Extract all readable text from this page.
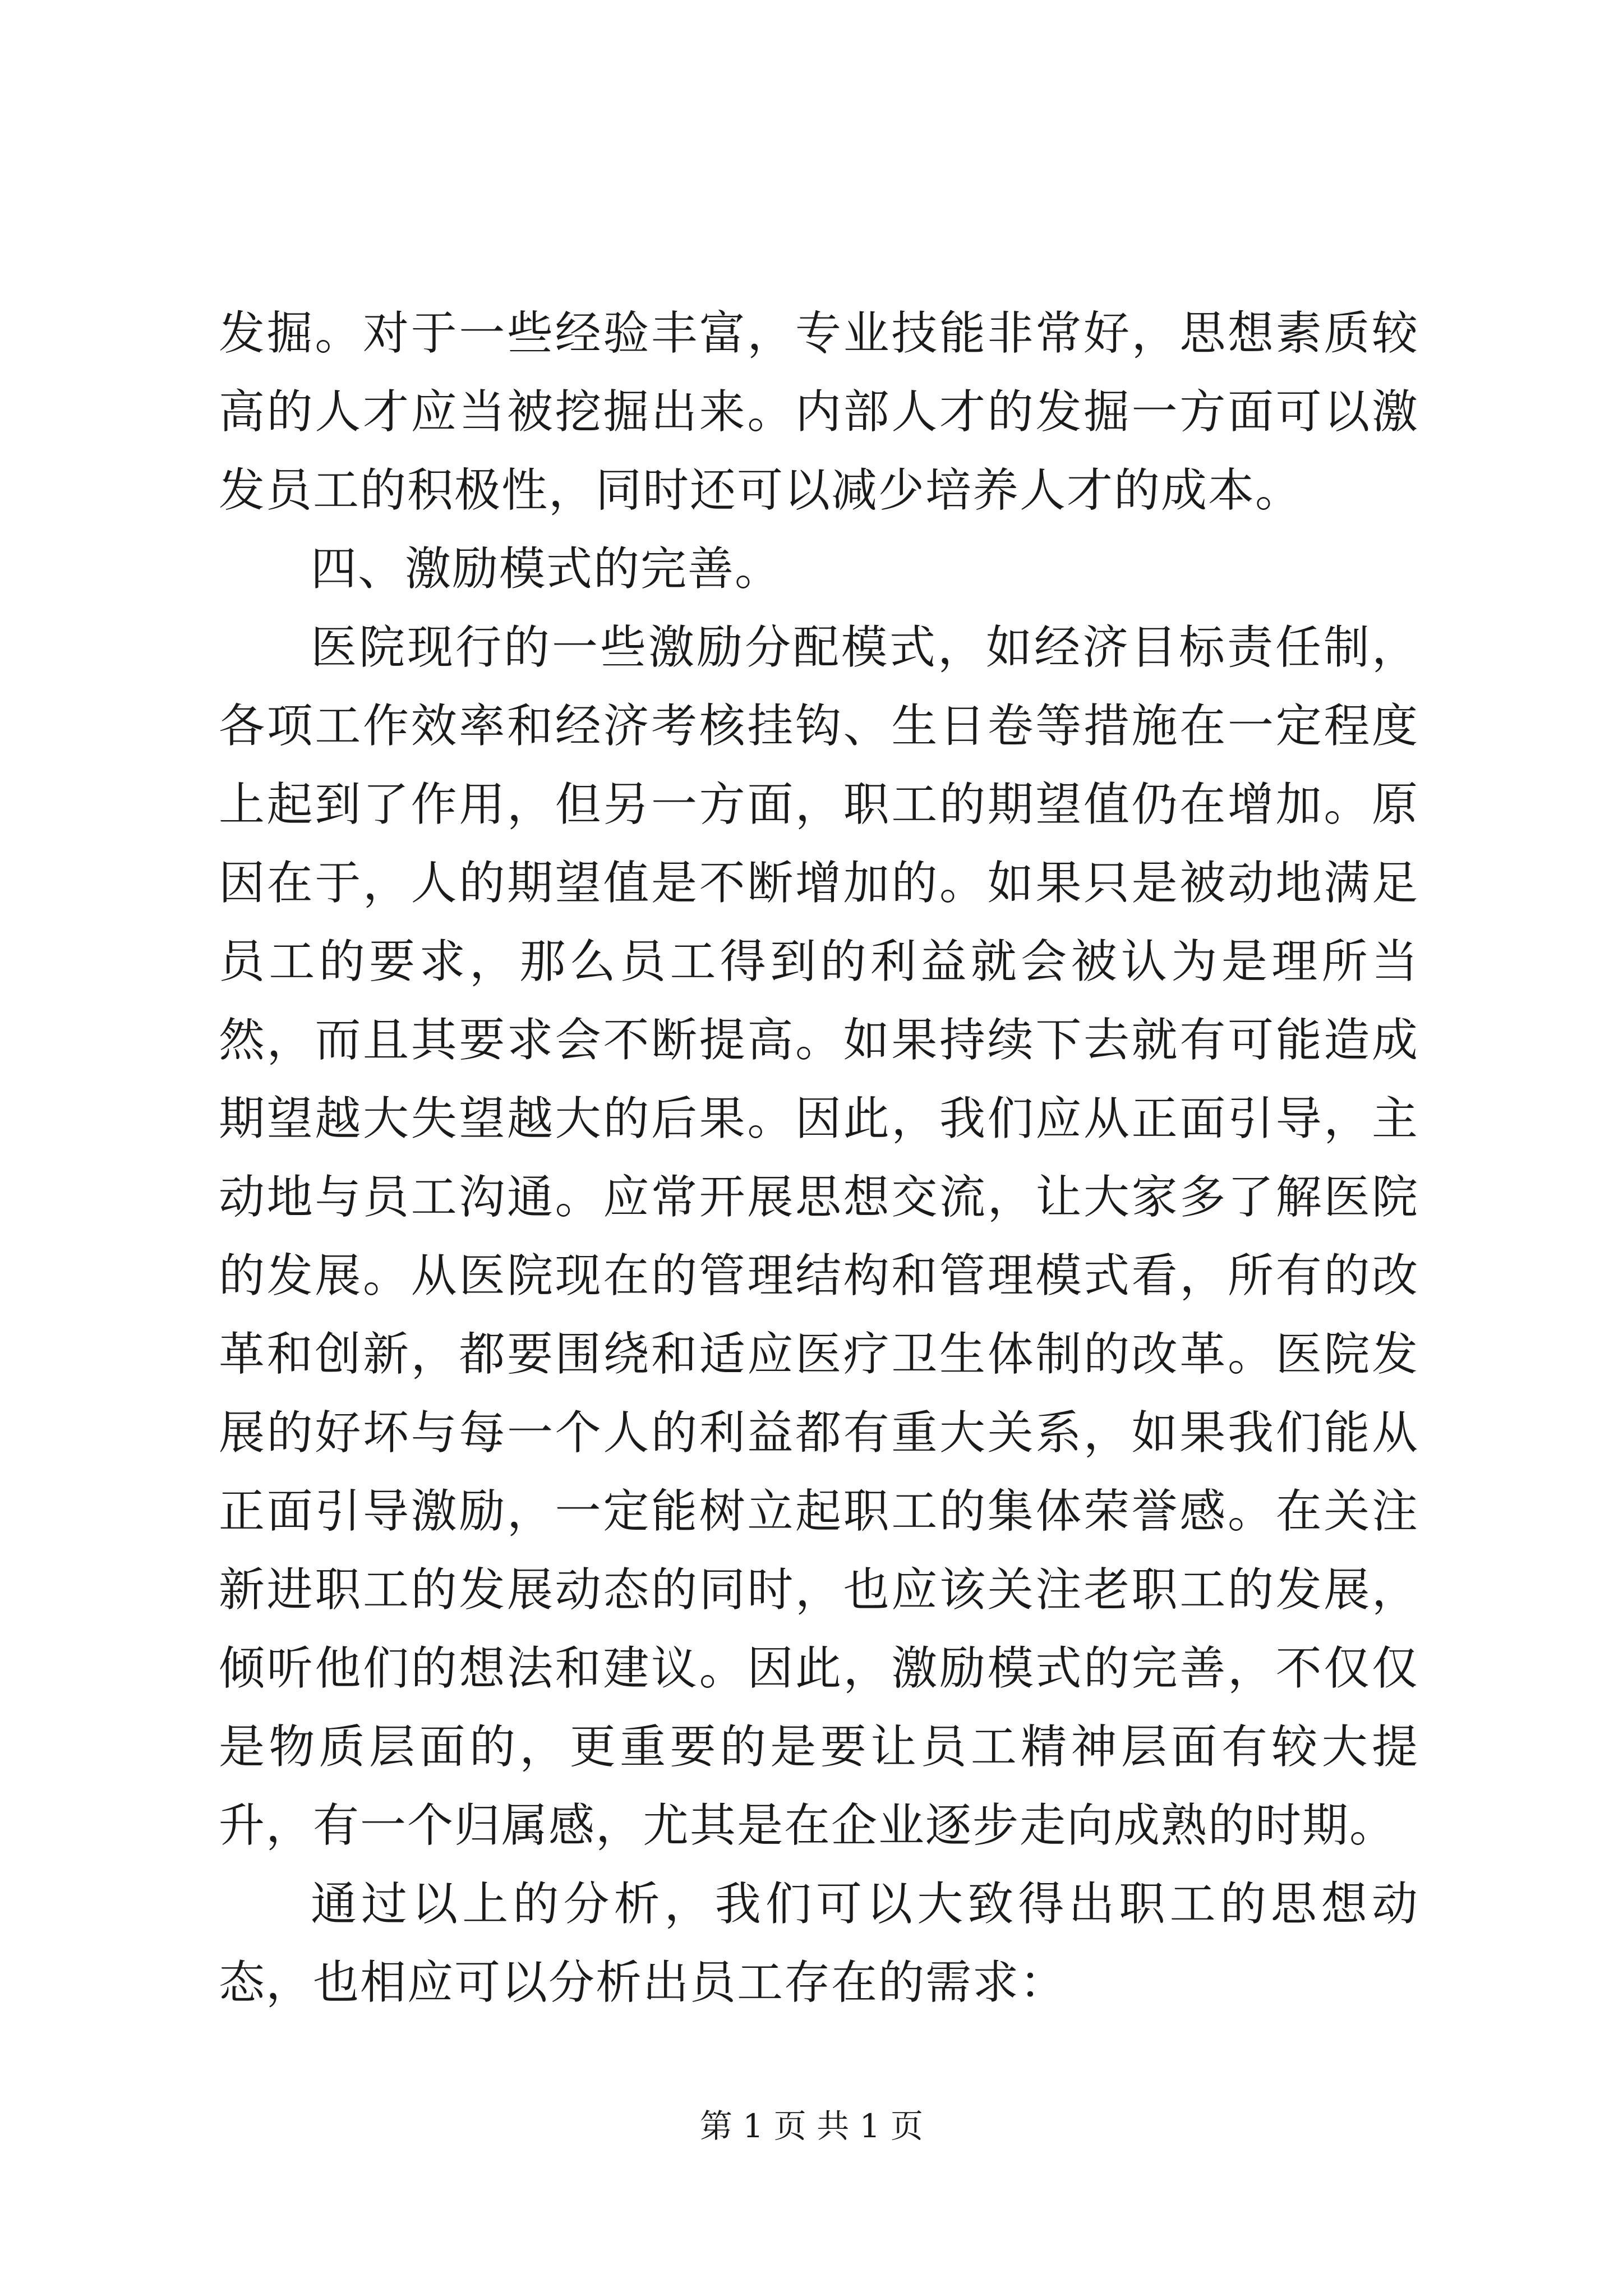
发掘。对于一些经验丰富，专业技能非常好，思想素质较高的人才应当被挖掘出来。内部人才的发掘一方面可以激发员工的积极性，同时还可以减少培养人才的成本。

四、激励模式的完善。

医院现行的一些激励分配模式，如经济目标责任制，各项工作效率和经济考核挂钩、生日卷等措施在一定程度上起到了作用，但另一方面，职工的期望值仍在增加。原因在于，人的期望值是不断增加的。如果只是被动地满足员工的要求，那么员工得到的利益就会被认为是理所当然，而且其要求会不断提高。如果持续下去就有可能造成期望越大失望越大的后果。因此，我们应从正面引导，主动地与员工沟通。应常开展思想交流，让大家多了解医院的发展。从医院现在的管理结构和管理模式看，所有的改革和创新，都要围绕和适应医疗卫生体制的改革。医院发展的好坏与每一个人的利益都有重大关系，如果我们能从正面引导激励，一定能树立起职工的集体荣誉感。在关注新进职工的发展动态的同时，也应该关注老职工的发展，倾听他们的想法和建议。因此，激励模式的完善，不仅仅是物质层面的，更重要的是要让员工精神层面有较大提升，有一个归属感，尤其是在企业逐步走向成熟的时期。

通过以上的分析，我们可以大致得出职工的思想动态，也相应可以分析出员工存在的需求：

第 1 页 共 1 页
